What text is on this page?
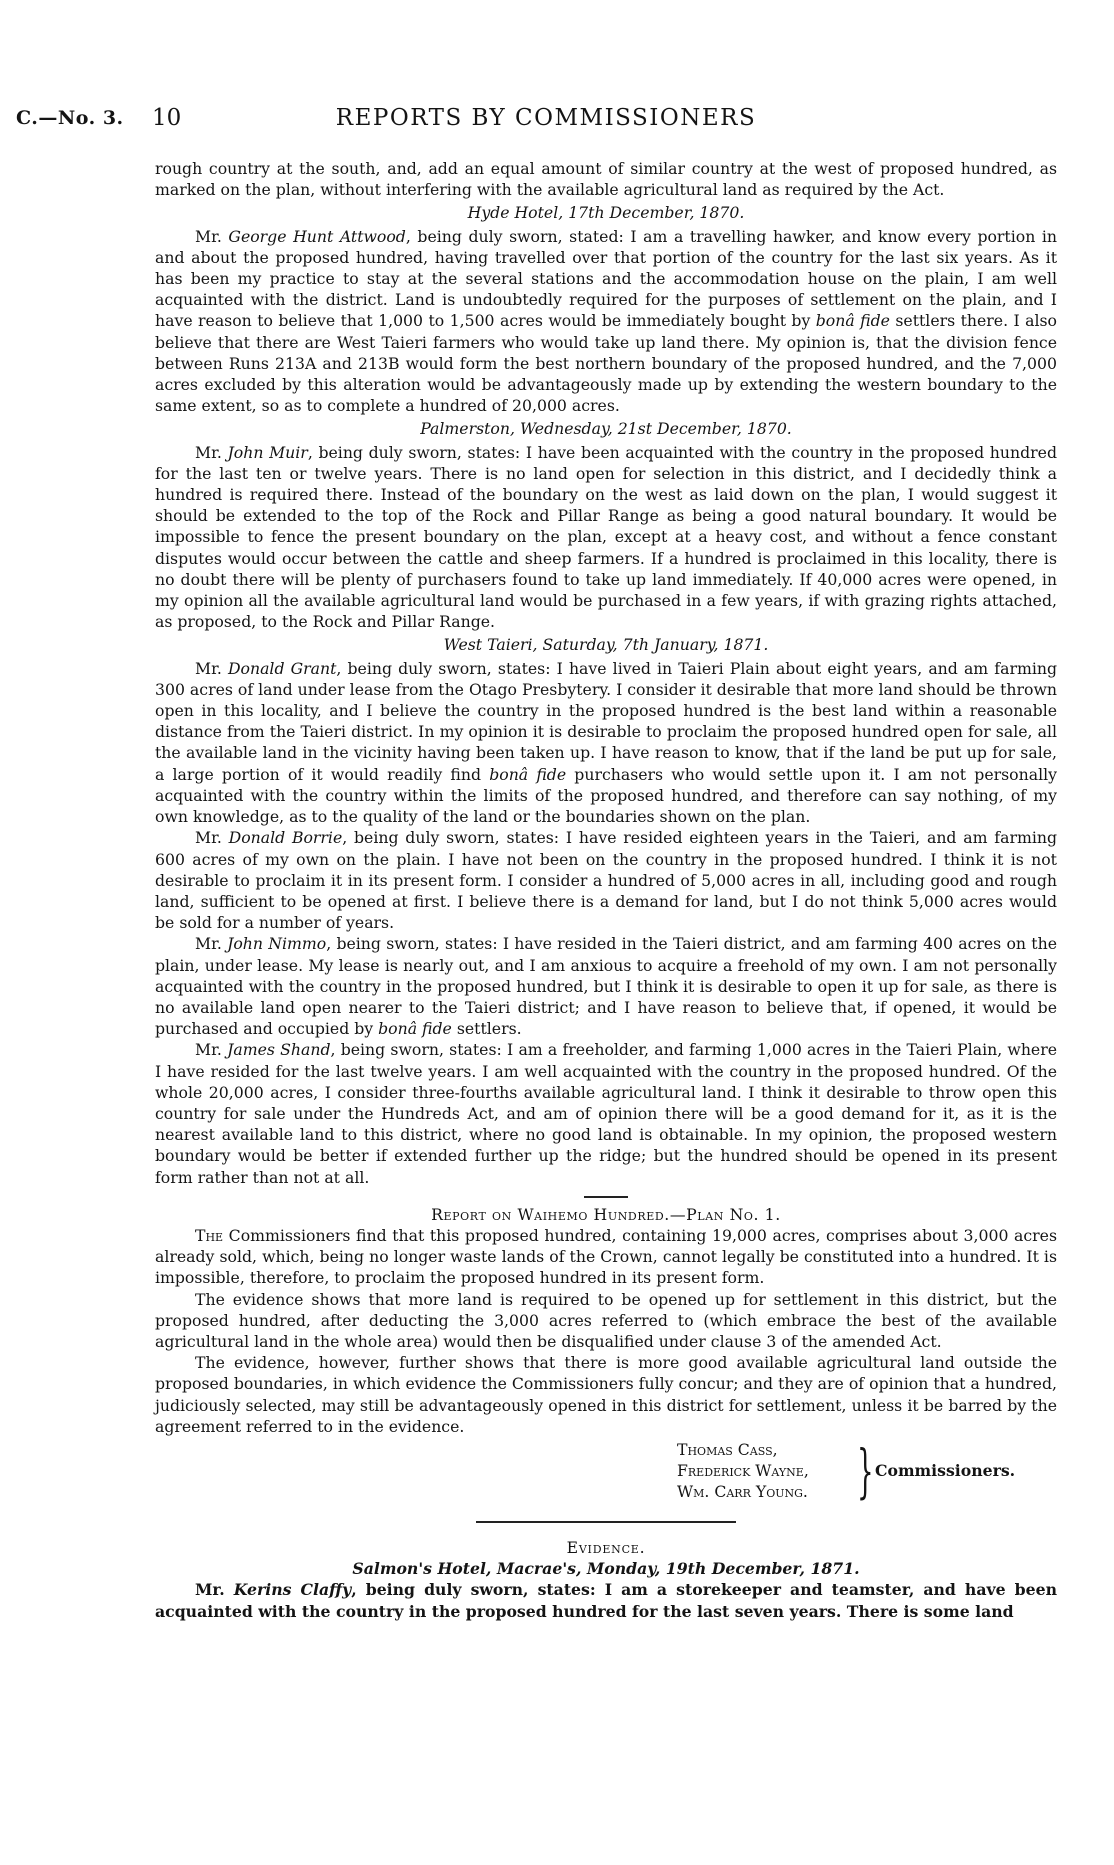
C.—No. 3. 10	REPORTS BY COMMISSIONERS

rough country at the south, and, add an equal amount of similar country at the west of proposed hundred, as marked on the plan, without interfering with the available agricultural land as required by the Act.

Hyde Hotel, 17th December, 1870.

Mr. George Hunt Attwood, being duly sworn, stated: I am a travelling hawker, and know every portion in and about the proposed hundred, having travelled over that portion of the country for the last six years. As it has been my practice to stay at the several stations and the accommodation house on the plain, I am well acquainted with the district. Land is undoubtedly required for the purposes of settlement on the plain, and I have reason to believe that 1,000 to 1,500 acres would be immediately bought by bonâ fide settlers there. I also believe that there are West Taieri farmers who would take up land there. My opinion is, that the division fence between Runs 213A and 213B would form the best northern boundary of the proposed hundred, and the 7,000 acres excluded by this alteration would be advantageously made up by extending the western boundary to the same extent, so as to complete a hundred of 20,000 acres.

Palmerston, Wednesday, 21st December, 1870.

Mr. John Muir, being duly sworn, states: I have been acquainted with the country in the proposed hundred for the last ten or twelve years. There is no land open for selection in this district, and I decidedly think a hundred is required there. Instead of the boundary on the west as laid down on the plan, I would suggest it should be extended to the top of the Rock and Pillar Range as being a good natural boundary. It would be impossible to fence the present boundary on the plan, except at a heavy cost, and without a fence constant disputes would occur between the cattle and sheep farmers. If a hundred is proclaimed in this locality, there is no doubt there will be plenty of purchasers found to take up land immediately. If 40,000 acres were opened, in my opinion all the available agricultural land would be purchased in a few years, if with grazing rights attached, as proposed, to the Rock and Pillar Range.

West Taieri, Saturday, 7th January, 1871.

Mr. Donald Grant, being duly sworn, states: I have lived in Taieri Plain about eight years, and am farming 300 acres of land under lease from the Otago Presbytery. I consider it desirable that more land should be thrown open in this locality, and I believe the country in the proposed hundred is the best land within a reasonable distance from the Taieri district. In my opinion it is desirable to proclaim the proposed hundred open for sale, all the available land in the vicinity having been taken up. I have reason to know, that if the land be put up for sale, a large portion of it would readily find bonâ fide purchasers who would settle upon it. I am not personally acquainted with the country within the limits of the proposed hundred, and therefore can say nothing, of my own knowledge, as to the quality of the land or the boundaries shown on the plan.

Mr. Donald Borrie, being duly sworn, states: I have resided eighteen years in the Taieri, and am farming 600 acres of my own on the plain. I have not been on the country in the proposed hundred. I think it is not desirable to proclaim it in its present form. I consider a hundred of 5,000 acres in all, including good and rough land, sufficient to be opened at first. I believe there is a demand for land, but I do not think 5,000 acres would be sold for a number of years.

Mr. John Nimmo, being sworn, states: I have resided in the Taieri district, and am farming 400 acres on the plain, under lease. My lease is nearly out, and I am anxious to acquire a freehold of my own. I am not personally acquainted with the country in the proposed hundred, but I think it is desirable to open it up for sale, as there is no available land open nearer to the Taieri district; and I have reason to believe that, if opened, it would be purchased and occupied by bonâ fide settlers.

Mr. James Shand, being sworn, states: I am a freeholder, and farming 1,000 acres in the Taieri Plain, where I have resided for the last twelve years. I am well acquainted with the country in the proposed hundred. Of the whole 20,000 acres, I consider three-fourths available agricultural land. I think it desirable to throw open this country for sale under the Hundreds Act, and am of opinion there will be a good demand for it, as it is the nearest available land to this district, where no good land is obtainable. In my opinion, the proposed western boundary would be better if extended further up the ridge; but the hundred should be opened in its present form rather than not at all.

Report on Waihemo Hundred.—Plan No. 1.

The Commissioners find that this proposed hundred, containing 19,000 acres, comprises about 3,000 acres already sold, which, being no longer waste lands of the Crown, cannot legally be constituted into a hundred. It is impossible, therefore, to proclaim the proposed hundred in its present form.

The evidence shows that more land is required to be opened up for settlement in this district, but the proposed hundred, after deducting the 3,000 acres referred to (which embrace the best of the available agricultural land in the whole area) would then be disqualified under clause 3 of the amended Act.

The evidence, however, further shows that there is more good available agricultural land outside the proposed boundaries, in which evidence the Commissioners fully concur; and they are of opinion that a hundred, judiciously selected, may still be advantageously opened in this district for settlement, unless it be barred by the agreement referred to in the evidence.

Thomas Cass,
Frederick Wayne,
Wm. Carr Young. } Commissioners.

Evidence.

Salmon's Hotel, Macrae's, Monday, 19th December, 1871.

Mr. Kerins Claffy, being duly sworn, states: I am a storekeeper and teamster, and have been acquainted with the country in the proposed hundred for the last seven years. There is some land
